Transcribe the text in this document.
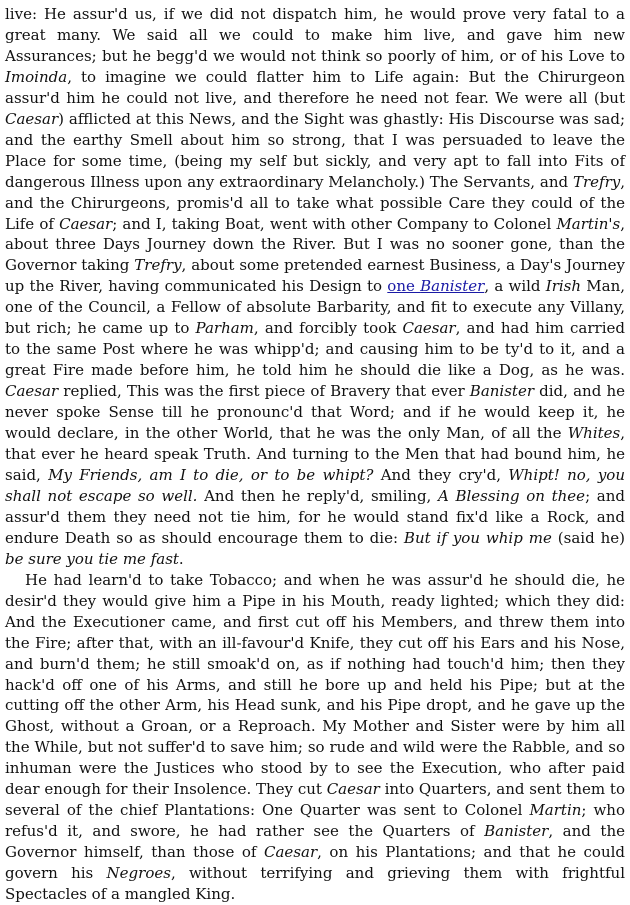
live: He assur'd us, if we did not dispatch him, he would prove very fatal to a great many. We said all we could to make him live, and gave him new Assurances; but he begg'd we would not think so poorly of him, or of his Love to Imoinda, to imagine we could flatter him to Life again: But the Chirurgeon assur'd him he could not live, and therefore he need not fear. We were all (but Caesar) afflicted at this News, and the Sight was ghastly: His Discourse was sad; and the earthy Smell about him so strong, that I was persuaded to leave the Place for some time, (being my self but sickly, and very apt to fall into Fits of dangerous Illness upon any extraordinary Melancholy.) The Servants, and Trefry, and the Chirurgeons, promis'd all to take what possible Care they could of the Life of Caesar; and I, taking Boat, went with other Company to Colonel Martin's, about three Days Journey down the River. But I was no sooner gone, than the Governor taking Trefry, about some pretended earnest Business, a Day's Journey up the River, having communicated his Design to one Banister, a wild Irish Man, one of the Council, a Fellow of absolute Barbarity, and fit to execute any Villany, but rich; he came up to Parham, and forcibly took Caesar, and had him carried to the same Post where he was whipp'd; and causing him to be ty'd to it, and a great Fire made before him, he told him he should die like a Dog, as he was. Caesar replied, This was the first piece of Bravery that ever Banister did, and he never spoke Sense till he pronounc'd that Word; and if he would keep it, he would declare, in the other World, that he was the only Man, of all the Whites, that ever he heard speak Truth. And turning to the Men that had bound him, he said, My Friends, am I to die, or to be whipt? And they cry'd, Whipt! no, you shall not escape so well. And then he reply'd, smiling, A Blessing on thee; and assur'd them they need not tie him, for he would stand fix'd like a Rock, and endure Death so as should encourage them to die: But if you whip me (said he) be sure you tie me fast.

He had learn'd to take Tobacco; and when he was assur'd he should die, he desir'd they would give him a Pipe in his Mouth, ready lighted; which they did: And the Executioner came, and first cut off his Members, and threw them into the Fire; after that, with an ill-favour'd Knife, they cut off his Ears and his Nose, and burn'd them; he still smoak'd on, as if nothing had touch'd him; then they hack'd off one of his Arms, and still he bore up and held his Pipe; but at the cutting off the other Arm, his Head sunk, and his Pipe dropt, and he gave up the Ghost, without a Groan, or a Reproach. My Mother and Sister were by him all the While, but not suffer'd to save him; so rude and wild were the Rabble, and so inhuman were the Justices who stood by to see the Execution, who after paid dear enough for their Insolence. They cut Caesar into Quarters, and sent them to several of the chief Plantations: One Quarter was sent to Colonel Martin; who refus'd it, and swore, he had rather see the Quarters of Banister, and the Governor himself, than those of Caesar, on his Plantations; and that he could govern his Negroes, without terrifying and grieving them with frightful Spectacles of a mangled King.
